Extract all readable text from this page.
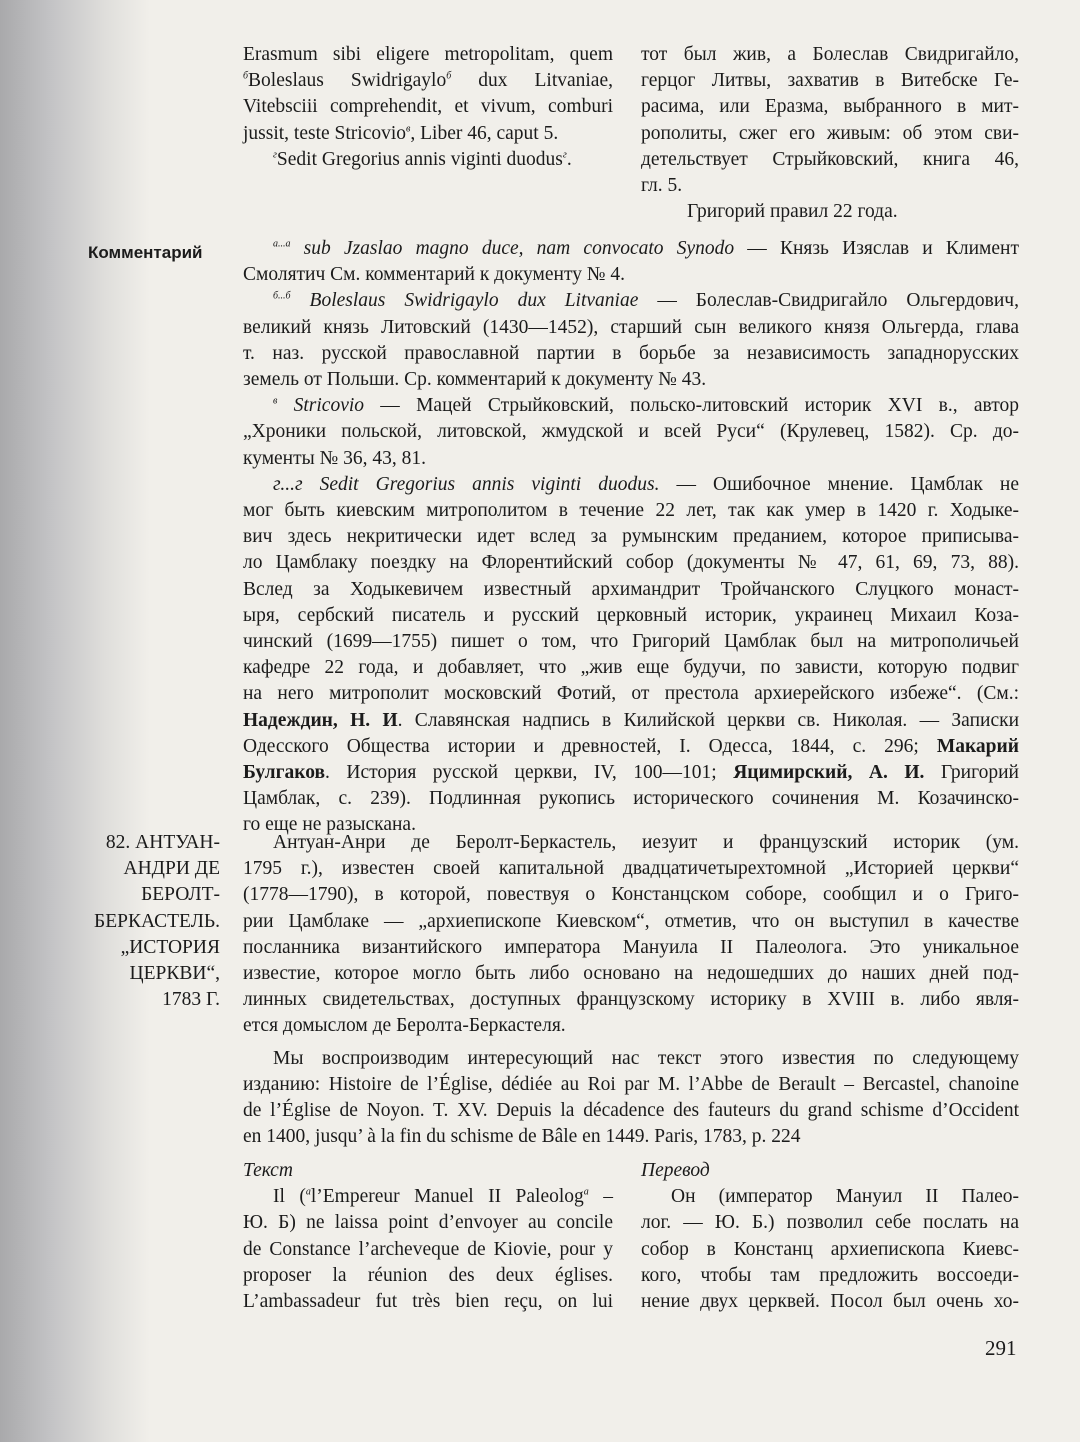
Erasmum sibi eligere metropolitam, quem
$^б$Boleslaus Swidrigaylo$^б$ dux Litvaniae,
Vitebsciii comprehendit, et vivum, comburi
jussit, teste Stricovio$^в$, Liber 46, caput 5.
$^г$Sedit Gregorius annis viginti duodus$^г$.
тот был жив, а Болеслав Свидригайло,
герцог Литвы, захватив в Витебске Ге-
расима, или Еразма, выбранного в мит-
рополиты, сжег его живым: об этом сви-
детельствует Стрыйковский, книга 46,
гл. 5.
Григорий правил 22 года.
Комментарий	$^{а...а}$ sub Jzaslao magno duce, nam convocato Synodo — Князь Изяслав и Климент
Смолятич См. комментарий к документу № 4.
$^{б...б}$ Boleslaus Swidrigaylo dux Litvaniae — Болеслав-Свидригайло Ольгердович,
великий князь Литовский (1430—1452), старший сын великого князя Ольгерда, глава
т. наз. русской православной партии в борьбе за независимость западнорусских
земель от Польши. Ср. комментарий к документу № 43.
$^в$ Stricovio — Мацей Стрыйковский, польско-литовский историк XVI в., автор
„Хроники польской, литовской, жмудской и всей Руси“ (Крулевец, 1582). Ср. до-
кументы № 36, 43, 81.
г...г Sedit Gregorius annis viginti duodus. — Ошибочное мнение. Цамблак не
мог быть киевским митрополитом в течение 22 лет, так как умер в 1420 г. Ходыке-
вич здесь некритически идет вслед за румынским преданием, которое приписыва-
ло Цамблаку поездку на Флорентийский собор (документы № 47, 61, 69, 73, 88).
Вслед за Ходыкевичем известный архимандрит Тройчанского Слуцкого монаст-
ыря, сербский писатель и русский церковный историк, украинец Михаил Коза-
чинский (1699—1755) пишет о том, что Григорий Цамблак был на митрополичьей
кафедре 22 года, и добавляет, что „жив еще будучи, по зависти, которую подвиг
на него митрополит московский Фотий, от престола архиерейского избеже“. (См.:
Надеждин, Н. И. Славянская надпись в Килийской церкви св. Николая. — Записки
Одесского Общества истории и древностей, I. Одесса, 1844, с. 296; Макарий
Булгаков. История русской церкви, IV, 100—101; Яцимирский, А. И. Григорий
Цамблак, с. 239). Подлинная рукопись исторического сочинения М. Козачинско-
го еще не разыскана.
82. АНТУАН-
АНДРИ ДЕ
БЕРОЛТ-
БЕРКАСТЕЛЬ.
„ИСТОРИЯ
ЦЕРКВИ“,
1783 Г.
Антуан-Анри де Беролт-Беркастель, иезуит и французский историк (ум.
1795 г.), известен своей капитальной двадцатичетырехтомной „Историей церкви“
(1778—1790), в которой, повествуя о Констанцском соборе, сообщил и о Григо-
рии Цамблаке — „архиепископе Киевском“, отметив, что он выступил в качестве
посланника византийского императора Мануила II Палеолога. Это уникальное
известие, которое могло быть либо основано на недошедших до наших дней под-
линных свидетельствах, доступных французскому историку в XVIII в. либо явля-
ется домыслом де Беролта-Беркастеля.
Мы воспроизводим интересующий нас текст этого известия по следующему
изданию: Histoire de l’Église, dédiée au Roi par M. l’Abbe de Berault – Bercastel, chanoine
de l’Église de Noyon. T. XV. Depuis la décadence des fauteurs du grand schisme d’Occident
en 1400, jusqu’ à la fin du schisme de Bâle en 1449. Paris, 1783, p. 224
Текст
Il ($^а$l’Empereur Manuel II Paleolog$^а$ –
Ю. Б) ne laissa point d’envoyer au concile
de Constance l’archeveque de Kiovie, pour y
proposer la réunion des deux églises.
L’ambassadeur fut très bien reçu, on lui
Перевод
Он (император Мануил II Палео-
лог. — Ю. Б.) позволил себе послать на
собор в Констанц архиепископа Киевс-
кого, чтобы там предложить воссоеди-
нение двух церквей. Посол был очень хо-
291
